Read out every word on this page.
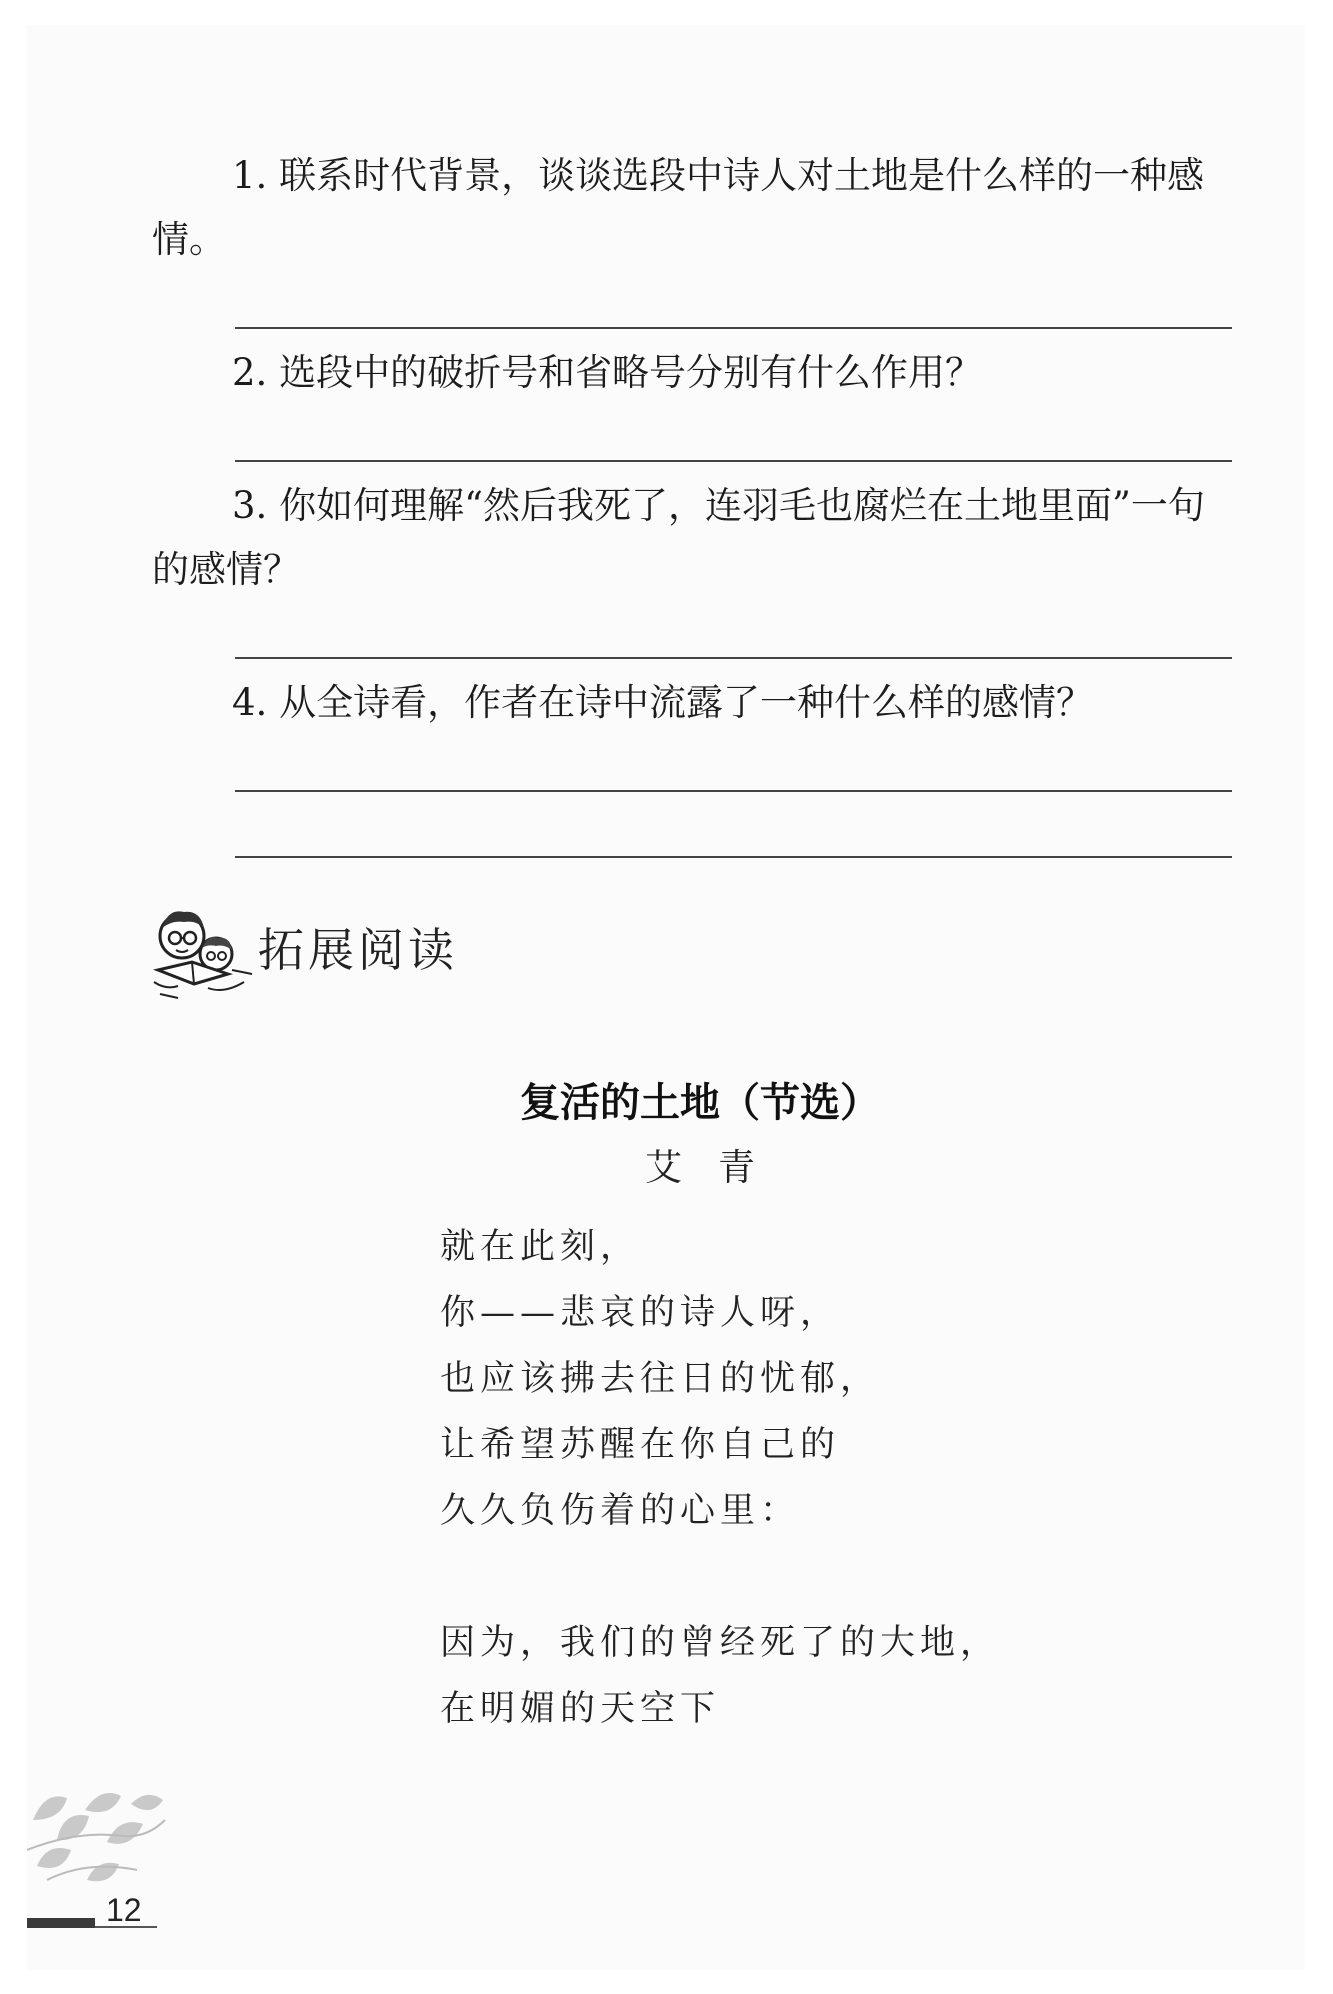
1. 联系时代背景，谈谈选段中诗人对土地是什么样的一种感情。

2. 选段中的破折号和省略号分别有什么作用？

3. 你如何理解“然后我死了，连羽毛也腐烂在土地里面”一句的感情？

4. 从全诗看，作者在诗中流露了一种什么样的感情？

拓展阅读
复活的土地（节选）
艾青
就在此刻，
你——悲哀的诗人呀，
也应该拂去往日的忧郁，
让希望苏醒在你自己的
久久负伤着的心里：
因为，我们的曾经死了的大地，
在明媚的天空下
12
